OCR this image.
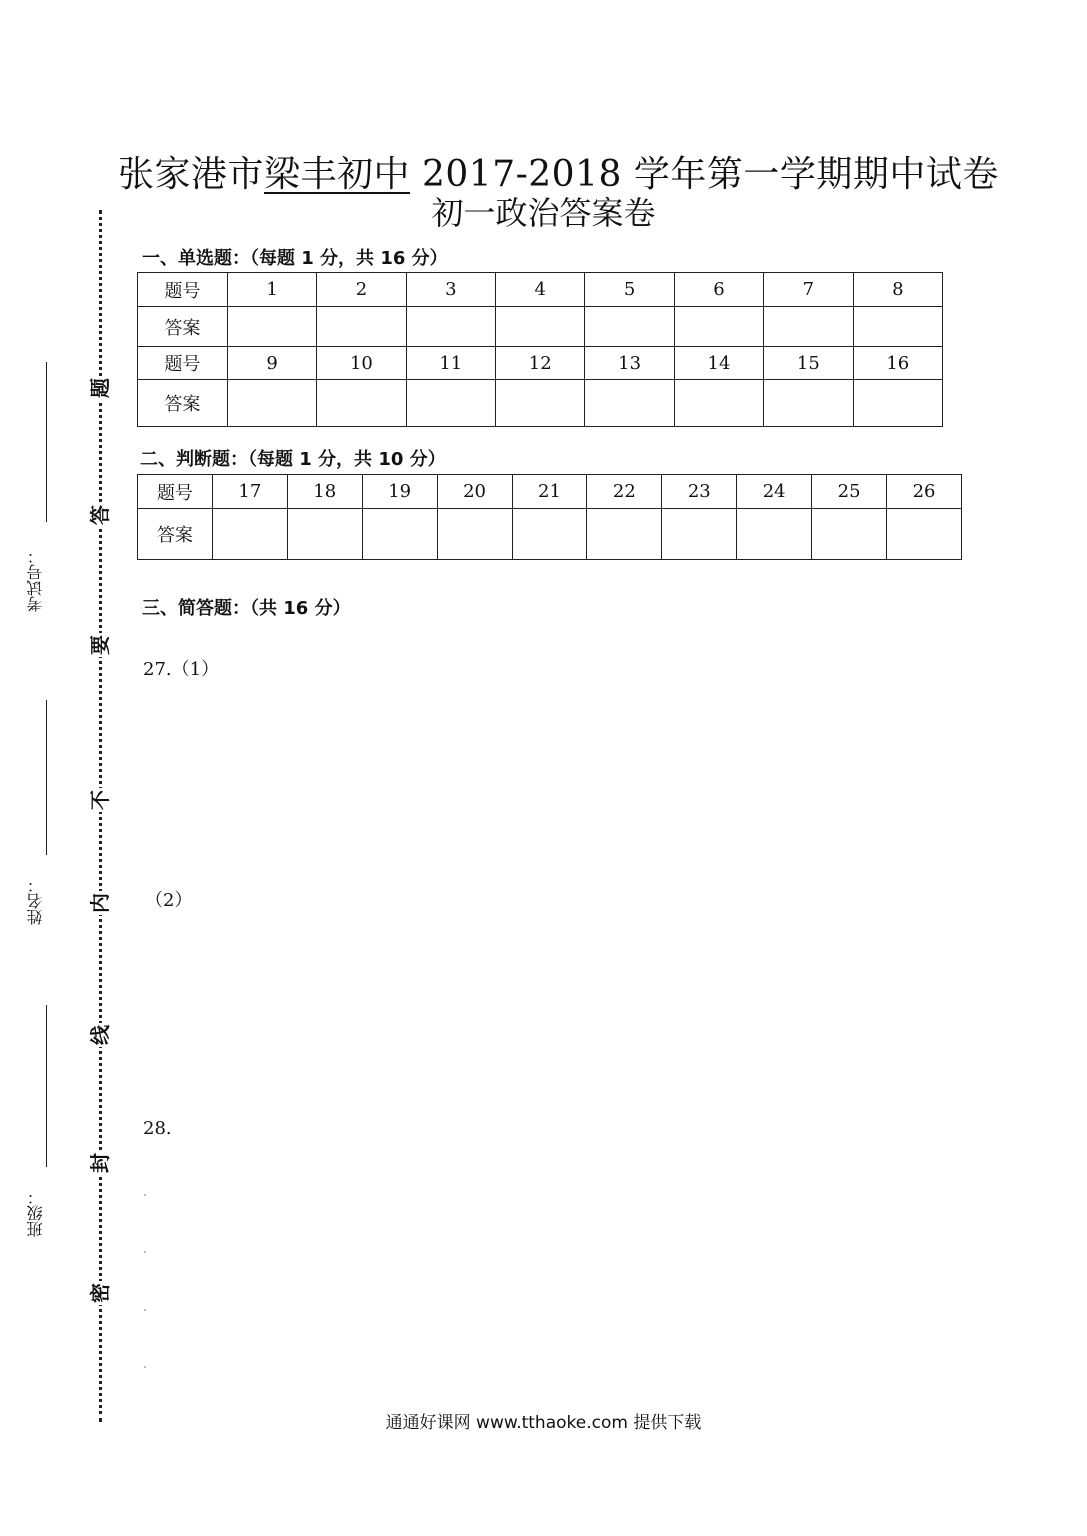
题
答
要
不
内
线
封
密
考试号：
姓名：
班级：
张家港市梁丰初中 2017-2018 学年第一学期期中试卷
初一政治答案卷
一、单选题：（每题 1 分，共 16 分）
题号	1	2	3	4	5	6	7	8
答案								
题号	9	10	11	12	13	14	15	16
答案								
二、判断题：（每题 1 分，共 10 分）
题号	17	18	19	20	21	22	23	24	25	26
答案										
三、简答题：（共 16 分）
27.（1）
（2）
28.
通通好课网 www.tthaoke.com 提供下载
